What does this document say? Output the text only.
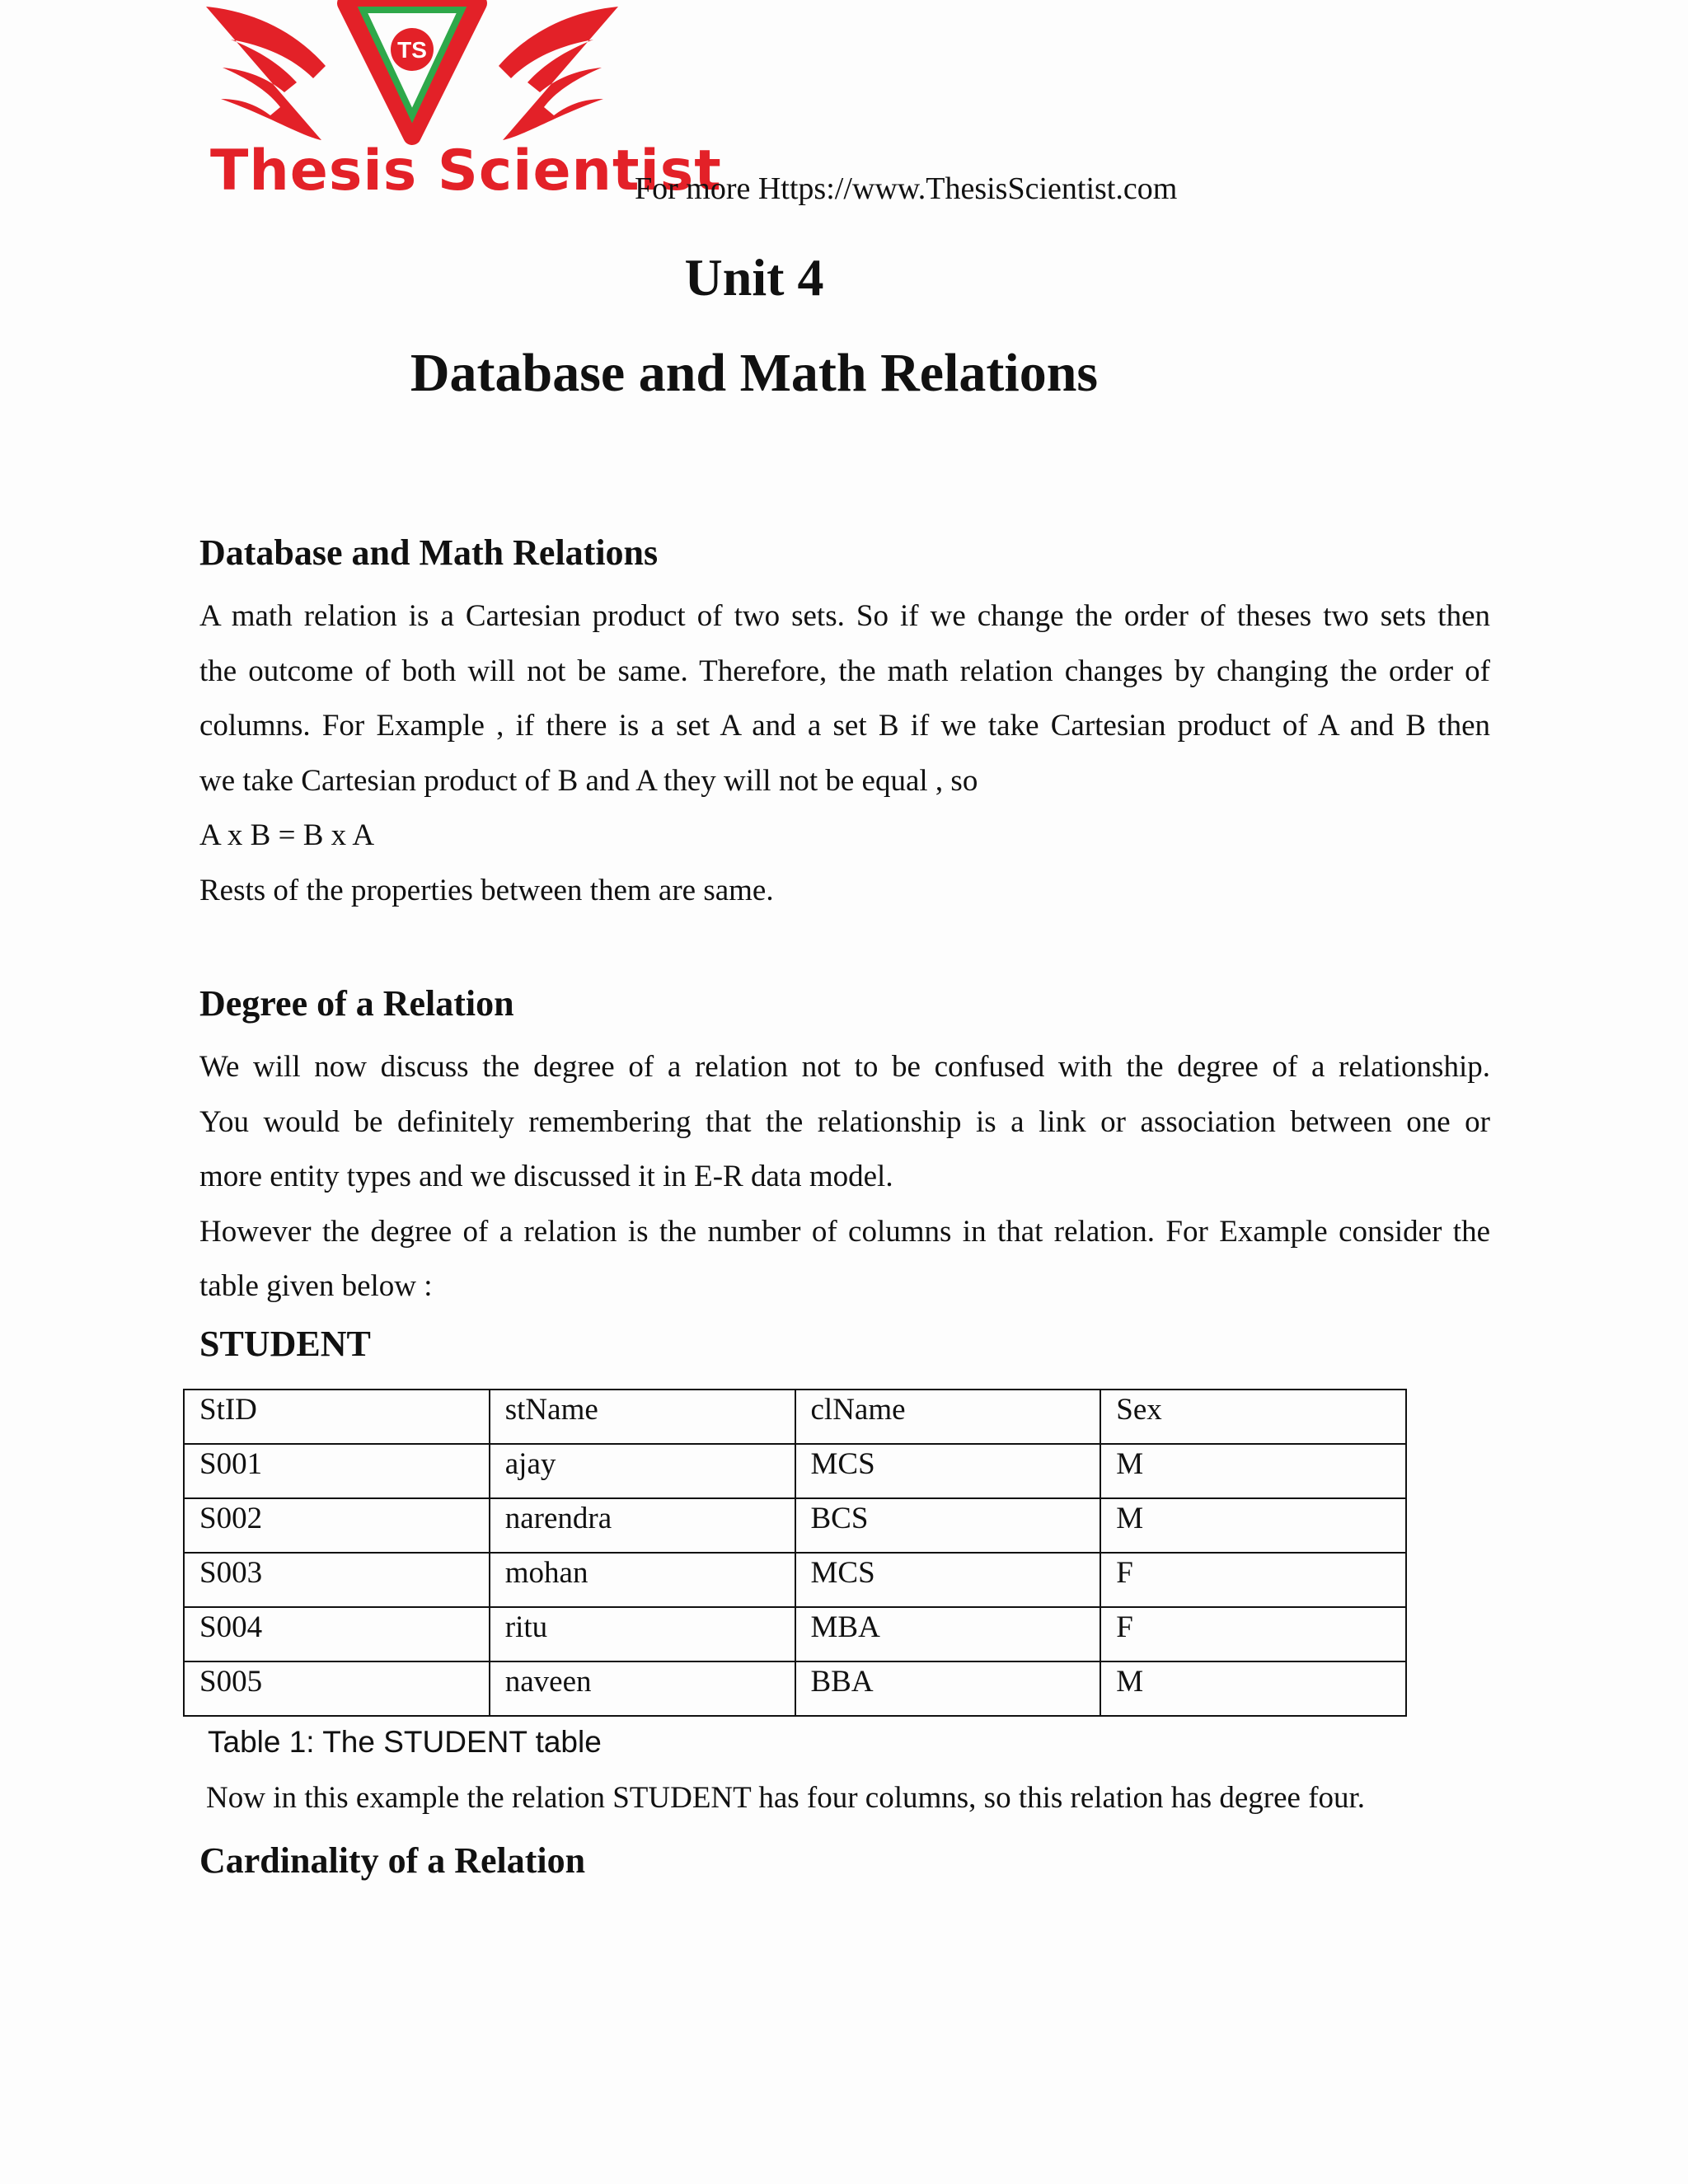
TS
Thesis Scientist
For more Https://www.ThesisScientist.com
Unit 4
Database and Math Relations
Database and Math Relations
A math relation is a Cartesian product of two sets. So if we change the order of theses two sets then
the outcome of both will not be same. Therefore, the math relation changes by changing the order of
columns. For Example , if there is a set A and a set B if we take Cartesian product of A and B then
we take Cartesian product of B and A they will not be equal , so
A x B = B x A
Rests of the properties between them are same.
Degree of a Relation
We will now discuss the degree of a relation not to be confused with the degree of a relationship.
You would be definitely remembering that the relationship is a link or association between one or
more entity types and we discussed it in E-R data model.
However the degree of a relation is the number of columns in that relation. For Example consider the
table given below :
STUDENT
StID	stName	clName	Sex
S001	ajay	MCS	M
S002	narendra	BCS	M
S003	mohan	MCS	F
S004	ritu	MBA	F
S005	naveen	BBA	M
Table 1: The STUDENT table
Now in this example the relation STUDENT has four columns, so this relation has degree four.
Cardinality of a Relation
